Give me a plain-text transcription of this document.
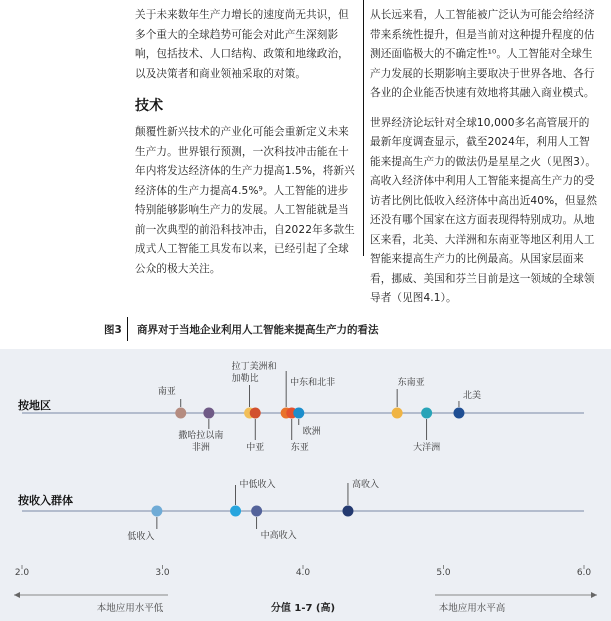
关于未来数年生产力增长的速度尚无共识，但多个重大的全球趋势可能会对此产生深刻影响，包括技术、人口结构、政策和地缘政治，以及决策者和商业领袖采取的对策。

技术

颠覆性新兴技术的产业化可能会重新定义未来生产力。世界银行预测，一次科技冲击能在十年内将发达经济体的生产力提高1.5%，将新兴经济体的生产力提高4.5%⁹。人工智能的进步特别能够影响生产力的发展。人工智能就是当前一次典型的前沿科技冲击，自2022年多款生成式人工智能工具发布以来，已经引起了全球公众的极大关注。

从长远来看，人工智能被广泛认为可能会给经济带来系统性提升，但是当前对这种提升程度的估测还面临极大的不确定性¹⁰。人工智能对全球生产力发展的长期影响主要取决于世界各地、各行各业的企业能否快速有效地将其融入商业模式。

世界经济论坛针对全球10,000多名高管展开的最新年度调查显示，截至2024年，利用人工智能来提高生产力的做法仍是星星之火（见图3）。高收入经济体中利用人工智能来提高生产力的受访者比例比低收入经济体中高出近40%，但显然还没有哪个国家在这方面表现得特别成功。从地区来看，北美、大洋洲和东南亚等地区利用人工智能来提高生产力的比例最高。从国家层面来看，挪威、美国和芬兰目前是这一领域的全球领导者（见图4.1）。

图3 商界对于当地企业利用人工智能来提高生产力的看法
按地区
按收入群体
南亚
撒哈拉以南
非洲
拉丁美洲和
加勒比
中亚
中东和北非
东亚
欧洲
东南亚
大洋洲
北美
低收入
中低收入
中高收入
高收入
2.0	3.0	4.0	5.0	6.0
本地应用水平低	本地应用水平高
分值 1-7 (高)
